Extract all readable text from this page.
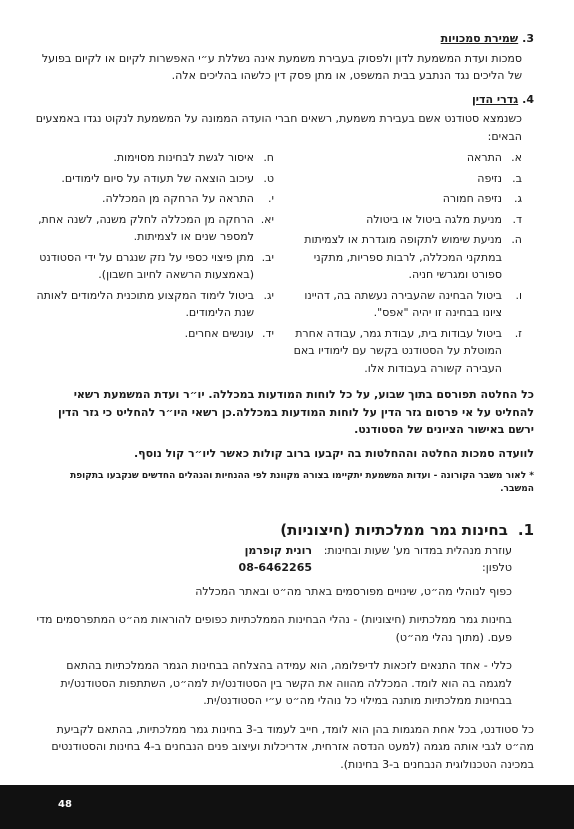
3.
שמירת סמכויות

סמכות ועדת המשמעת לדון ולפסוק בעבירת משמעת אינה נשללת ע״י האפשרות לקיום או לקיום בפועל של הליכים נגד הנתבע בבית המשפט, או מתן פסק דין כלשהו בהליכים אלה.

4.
גדרי הדין

כשנמצא סטודנט אשם בעבירת משמעת, רשאים חברי הועדה הממונה על המשמעת לנקוט נגדו באמצעים הבאים:

א.
התראה
ב.
נזיפה
ג.
נזיפה חמורה
ד.
מניעת מלגה ביטול או ביטולה
ה.
מניעת שימוש לתקופה מוגדרת או לצמיתות במתקני המכללה, לרבות ספריות, מתקני ספורט ומגרשי חניה.
ו.
ביטול הבחינה שהעבירה נעשתה בה, דהיינו ציונו בבחינה זו יהיה "אפס".
ז.
ביטול עבודות בית, עבודת גמר, עבודה אחרת המוטלת על הסטודנט בקשר עם לימודיו באם העבירה קשורה בעבודות אלו.
ח.
איסור לגשת לבחינות מסוימות.
ט.
עיכוב הוצאה של תעודה על סיום לימודים.
י.
התראה על הרחקה מן המכללה.
יא.
הרחקה מן המכללה לחלק משנה, לשנה אחת, למספר שנים או לצמיתות.
יב.
מתן פיצוי כספי על נזק שנגרם על ידי הסטודנט (באמצעות הרשאה לחיוב חשבון).
יג.
ביטול לימוד המקצוע מתוכנית הלימודים לאותה שנת הלימודים.
יד.
עונשים אחרים.

כל החלטה תפורסם בתוך שבוע, על כל לוחות המודעות במכללה. יו״ר ועדת המשמעת רשאי להחליט על אי פרסום גזר הדין על לוחות המודעות במכללה.כן רשאי היו״ר להחליט כי גזר הדין ירשם באישור הציונים של הסטודנט.

לוועדה סמכות החלטה וההחלטות בה יקבעו ברוב קולות כאשר ליו״ר קול נוסף.

* לאור משבר הקורונה - ועדות המשמעת יתקיימו בצורה מקוונת לפי ההנחיות והנהלים החדשים שנקבעו בתקופת המשבר.

1.
בחינות גמר ממלכתיות (חיצוניות)
עוזרת מנהלית במדור מע' שעות ובחינות:
רונית קופרמן
טלפון:
08-6462265

כפוף לנוהלי מה״ט, שינויים מפורסמים באתר מה״ט ובאתר המכללה

בחינות גמר ממלכתיות (חיצוניות) - נהלי הבחינות הממלכתיות כפופים להוראות מה״ט המתפרסמים מדי פעם. (מתוך נהלי מה״ט)

כללי - אחד התנאים לזכאות לדיפלומה, הוא עמידה בהצלחה בבחינות הגמר הממלכתיות בהתאם למגמה בה הוא לומד. המכללה מהווה את הקשר בין הסטודנט/ית למה״ט, השתתפות הסטודנט/ית בבחינות ממלכתיות מותנה במילוי כל נוהלי מה״ט ע״י הסטודנט/ית.

כל סטודנט, בכל אחת המגמות בהן הוא לומד, חייב לעמוד ב-3 בחינות גמר ממלכתיות, בהתאם לקביעת מה״ט לגבי אותה מגמה (למעט הנדסה אזרחית, אדריכלות ועיצוב פנים הנבחנים ב-4 בחינות והסטודנטים במכינה הטכנולוגית הנבחנים ב-3 בחינות).

48
